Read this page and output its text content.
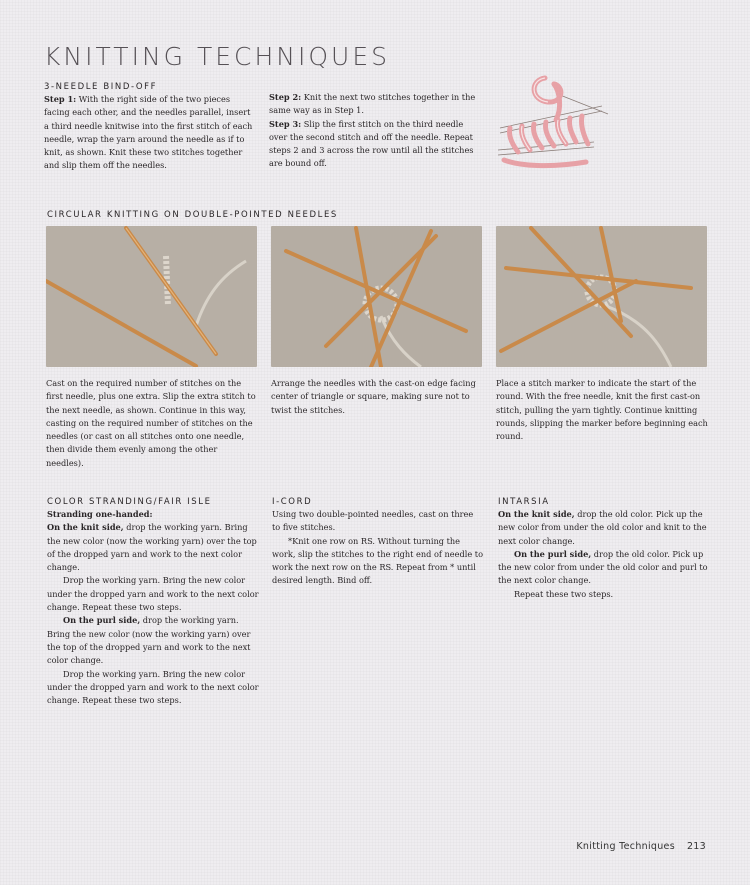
KNITTING TECHNIQUES
3-NEEDLE BIND-OFF

Step 1: With the right side of the two pieces facing each other, and the needles parallel, insert a third needle knitwise into the first stitch of each needle, wrap the yarn around the needle as if to knit, as shown. Knit these two stitches together and slip them off the needles.

Step 2: Knit the next two stitches together in the same way as in Step 1.

Step 3: Slip the first stitch on the third needle over the second stitch and off the needle. Repeat steps 2 and 3 across the row until all the stitches are bound off.

CIRCULAR KNITTING ON DOUBLE-POINTED NEEDLES
Cast on the required number of stitches on the first needle, plus one extra. Slip the extra stitch to the next needle, as shown. Continue in this way, casting on the required number of stitches on the needles (or cast on all stitches onto one needle, then divide them evenly among the other needles).
Arrange the needles with the cast-on edge facing center of triangle or square, making sure not to twist the stitches.
Place a stitch marker to indicate the start of the round. With the free needle, knit the first cast-on stitch, pulling the yarn tightly. Continue knitting rounds, slipping the marker before beginning each round.
COLOR STRANDING/FAIR ISLE

Stranding one-handed:

On the knit side, drop the working yarn. Bring the new color (now the working yarn) over the top of the dropped yarn and work to the next color change.

Drop the working yarn. Bring the new color under the dropped yarn and work to the next color change. Repeat these two steps.

On the purl side, drop the working yarn. Bring the new color (now the working yarn) over the top of the dropped yarn and work to the next color change.

Drop the working yarn. Bring the new color under the dropped yarn and work to the next color change. Repeat these two steps.

I-CORD

Using two double-pointed needles, cast on three to five stitches.

*Knit one row on RS. Without turning the work, slip the stitches to the right end of needle to work the next row on the RS. Repeat from * until desired length. Bind off.

INTARSIA

On the knit side, drop the old color. Pick up the new color from under the old color and knit to the next color change.

On the purl side, drop the old color. Pick up the new color from under the old color and purl to the next color change.

Repeat these two steps.

Knitting Techniques 213
